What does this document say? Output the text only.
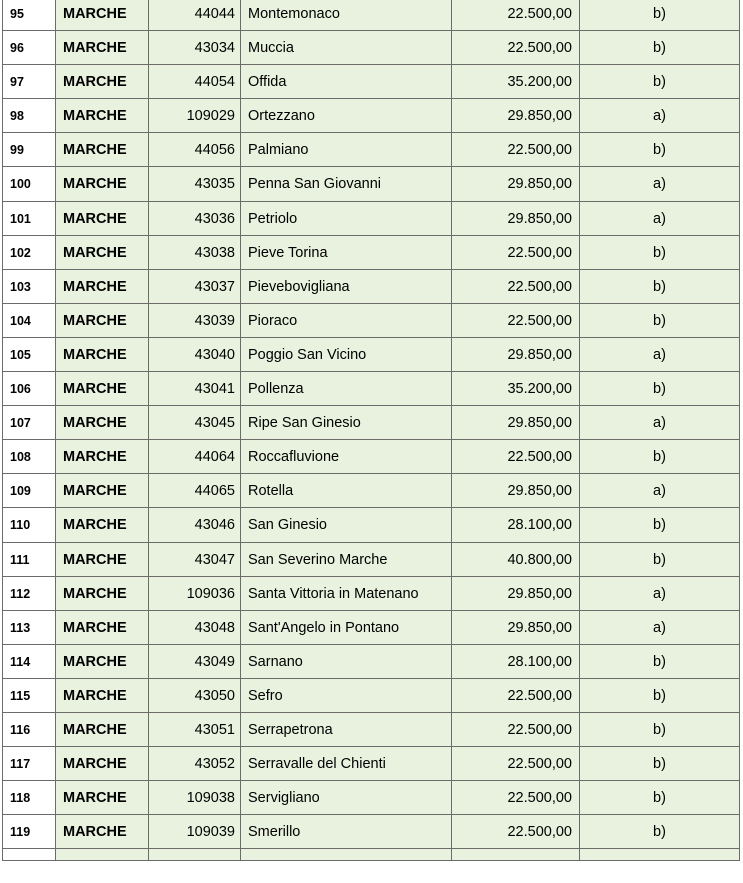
95	MARCHE	44044	Montemonaco	22.500,00	b)
96	MARCHE	43034	Muccia	22.500,00	b)
97	MARCHE	44054	Offida	35.200,00	b)
98	MARCHE	109029	Ortezzano	29.850,00	a)
99	MARCHE	44056	Palmiano	22.500,00	b)
100	MARCHE	43035	Penna San Giovanni	29.850,00	a)
101	MARCHE	43036	Petriolo	29.850,00	a)
102	MARCHE	43038	Pieve Torina	22.500,00	b)
103	MARCHE	43037	Pievebovigliana	22.500,00	b)
104	MARCHE	43039	Pioraco	22.500,00	b)
105	MARCHE	43040	Poggio San Vicino	29.850,00	a)
106	MARCHE	43041	Pollenza	35.200,00	b)
107	MARCHE	43045	Ripe San Ginesio	29.850,00	a)
108	MARCHE	44064	Roccafluvione	22.500,00	b)
109	MARCHE	44065	Rotella	29.850,00	a)
110	MARCHE	43046	San Ginesio	28.100,00	b)
111	MARCHE	43047	San Severino Marche	40.800,00	b)
112	MARCHE	109036	Santa Vittoria in Matenano	29.850,00	a)
113	MARCHE	43048	Sant'Angelo in Pontano	29.850,00	a)
114	MARCHE	43049	Sarnano	28.100,00	b)
115	MARCHE	43050	Sefro	22.500,00	b)
116	MARCHE	43051	Serrapetrona	22.500,00	b)
117	MARCHE	43052	Serravalle del Chienti	22.500,00	b)
118	MARCHE	109038	Servigliano	22.500,00	b)
119	MARCHE	109039	Smerillo	22.500,00	b)
